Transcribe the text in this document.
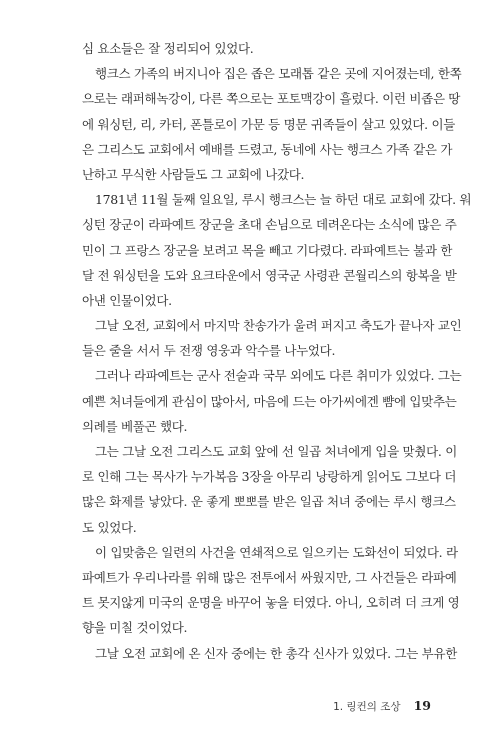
심 요소들은 잘 정리되어 있었다.
행크스 가족의 버지니아 집은 좁은 모래톱 같은 곳에 지어졌는데, 한쪽
으로는 래퍼해녹강이, 다른 쪽으로는 포토맥강이 흘렀다. 이런 비좁은 땅
에 워싱턴, 리, 카터, 폰틀로이 가문 등 명문 귀족들이 살고 있었다. 이들
은 그리스도 교회에서 예배를 드렸고, 동네에 사는 행크스 가족 같은 가
난하고 무식한 사람들도 그 교회에 나갔다.
1781년 11월 둘째 일요일, 루시 행크스는 늘 하던 대로 교회에 갔다. 워
싱턴 장군이 라파예트 장군을 초대 손님으로 데려온다는 소식에 많은 주
민이 그 프랑스 장군을 보려고 목을 빼고 기다렸다. 라파예트는 불과 한
달 전 워싱턴을 도와 요크타운에서 영국군 사령관 콘월리스의 항복을 받
아낸 인물이었다.
그날 오전, 교회에서 마지막 찬송가가 울려 퍼지고 축도가 끝나자 교인
들은 줄을 서서 두 전쟁 영웅과 악수를 나누었다.
그러나 라파예트는 군사 전술과 국무 외에도 다른 취미가 있었다. 그는
예쁜 처녀들에게 관심이 많아서, 마음에 드는 아가씨에겐 뺨에 입맞추는
의례를 베풀곤 했다.
그는 그날 오전 그리스도 교회 앞에 선 일곱 처녀에게 입을 맞췄다. 이
로 인해 그는 목사가 누가복음 3장을 아무리 낭랑하게 읽어도 그보다 더
많은 화제를 낳았다. 운 좋게 뽀뽀를 받은 일곱 처녀 중에는 루시 행크스
도 있었다.
이 입맞춤은 일련의 사건을 연쇄적으로 일으키는 도화선이 되었다. 라
파예트가 우리나라를 위해 많은 전투에서 싸웠지만, 그 사건들은 라파예
트 못지않게 미국의 운명을 바꾸어 놓을 터였다. 아니, 오히려 더 크게 영
향을 미칠 것이었다.
그날 오전 교회에 온 신자 중에는 한 총각 신사가 있었다. 그는 부유한
1. 링컨의 조상 19
